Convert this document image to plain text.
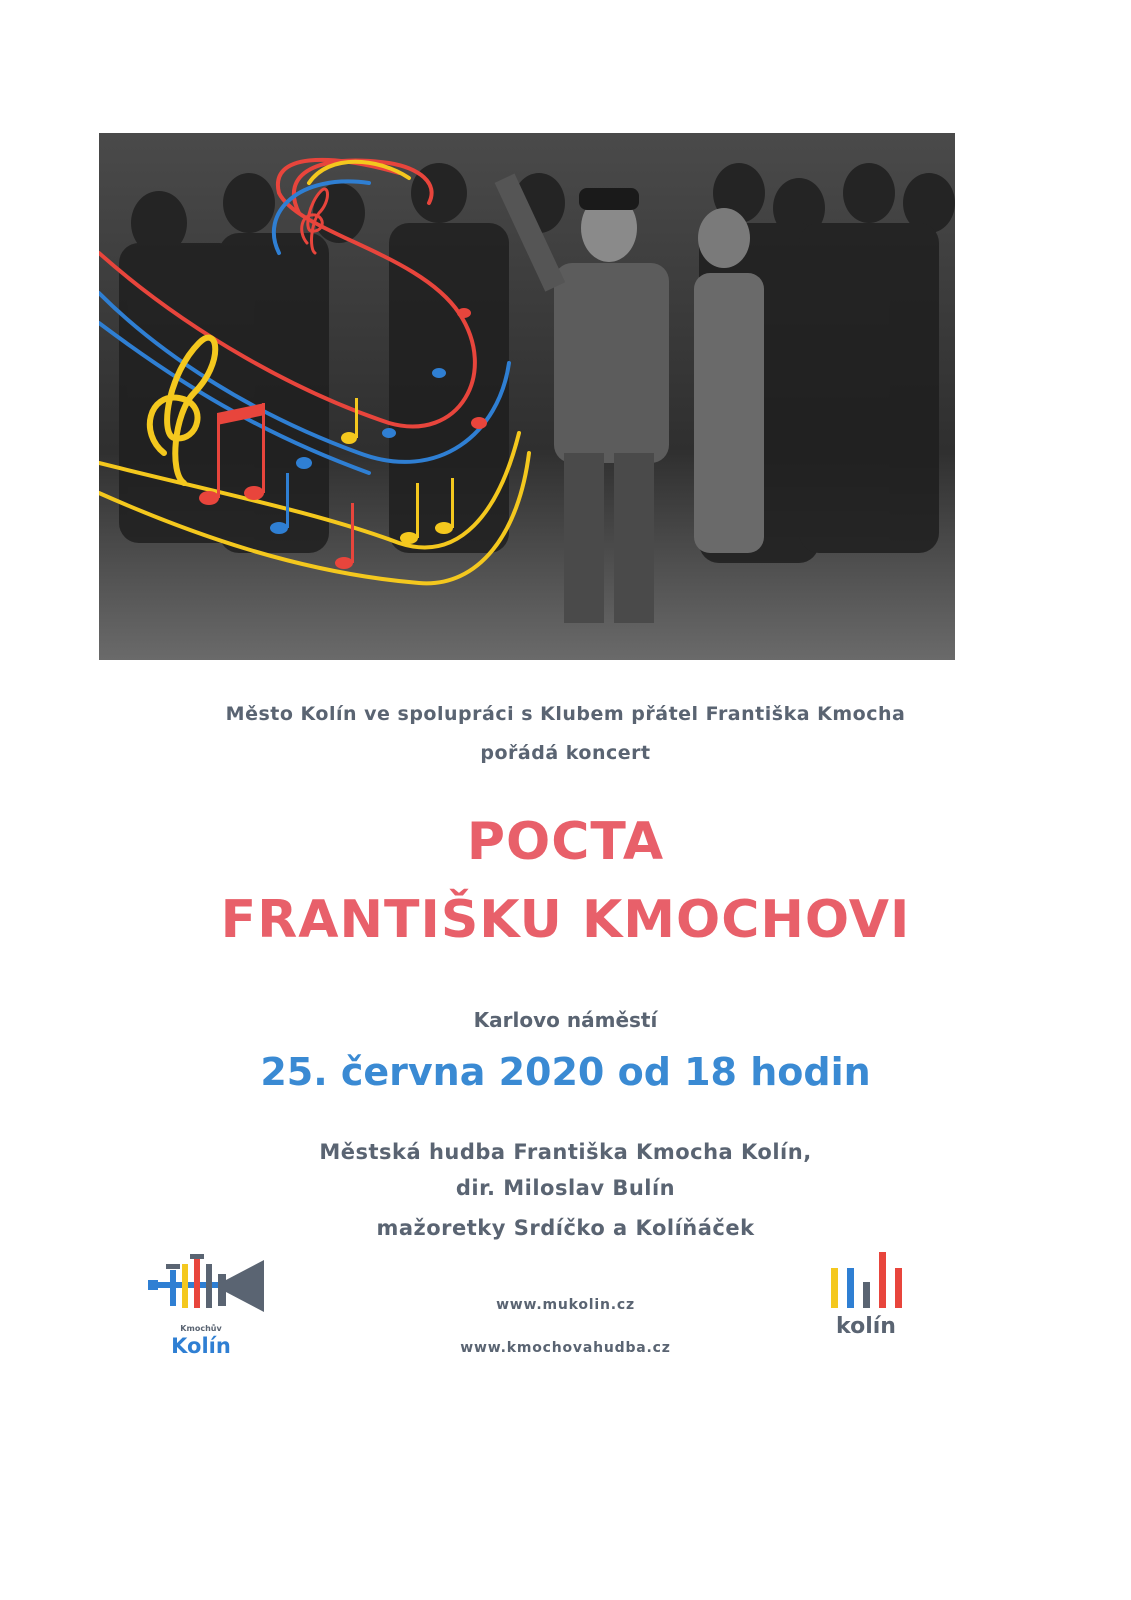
Město Kolín ve spolupráci s Klubem přátel Františka Kmocha

pořádá koncert

POCTA

FRANTIŠKU KMOCHOVI

Karlovo náměstí

25. června 2020 od 18 hodin

Městská hudba Františka Kmocha Kolín,

dir. Miloslav Bulín

mažoretky Srdíčko a Kolíňáček

www.mukolin.cz

www.kmochovahudba.cz

Kmochův
Kolín
kolín
